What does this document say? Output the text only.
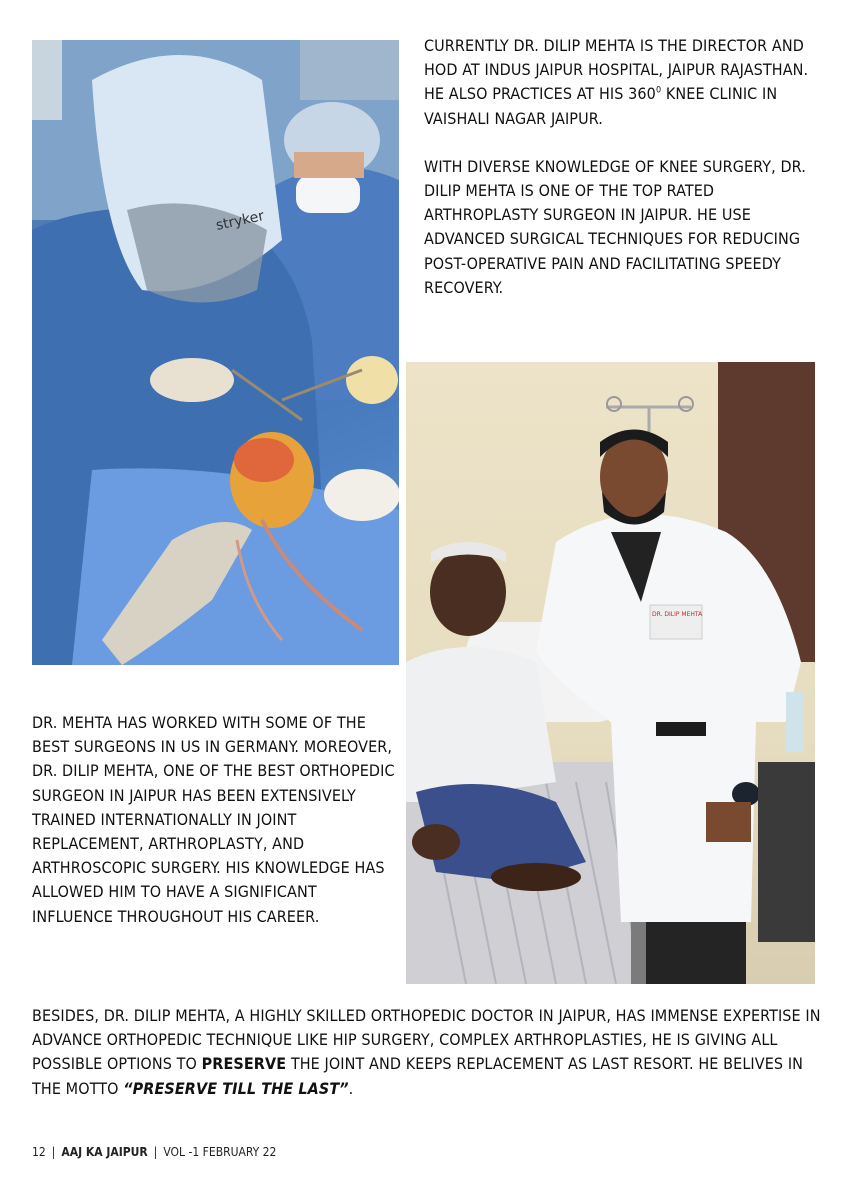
CURRENTLY DR. DILIP MEHTA IS THE DIRECTOR AND HOD AT INDUS JAIPUR HOSPITAL, JAIPUR RAJASTHAN. HE ALSO PRACTICES AT HIS $360^0$ KNEE CLINIC IN VAISHALI NAGAR JAIPUR.

WITH DIVERSE KNOWLEDGE OF KNEE SURGERY, DR. DILIP MEHTA IS ONE OF THE TOP RATED ARTHROPLASTY SURGEON IN JAIPUR. HE USE ADVANCED SURGICAL TECHNIQUES FOR REDUCING POST-OPERATIVE PAIN AND FACILITATING SPEEDY RECOVERY.

stryker
DR. DILIP MEHTA

DR. MEHTA HAS WORKED WITH SOME OF THE BEST SURGEONS IN US IN GERMANY. MOREOVER, DR. DILIP MEHTA, ONE OF THE BEST ORTHOPEDIC SURGEON IN JAIPUR HAS BEEN EXTENSIVELY TRAINED INTERNATIONALLY IN JOINT REPLACEMENT, ARTHROPLASTY, AND ARTHROSCOPIC SURGERY. HIS KNOWLEDGE HAS ALLOWED HIM TO HAVE A SIGNIFICANT INFLUENCE THROUGHOUT HIS CAREER.

BESIDES, DR. DILIP MEHTA, A HIGHLY SKILLED ORTHOPEDIC DOCTOR IN JAIPUR, HAS IMMENSE EXPERTISE IN ADVANCE ORTHOPEDIC TECHNIQUE LIKE HIP SURGERY, COMPLEX ARTHROPLASTIES, HE IS GIVING ALL POSSIBLE OPTIONS TO PRESERVE THE JOINT AND KEEPS REPLACEMENT AS LAST RESORT. HE BELIVES IN THE MOTTO “PRESERVE TILL THE LAST”.

12 | AAJ KA JAIPUR | VOL -1 FEBRUARY 22
